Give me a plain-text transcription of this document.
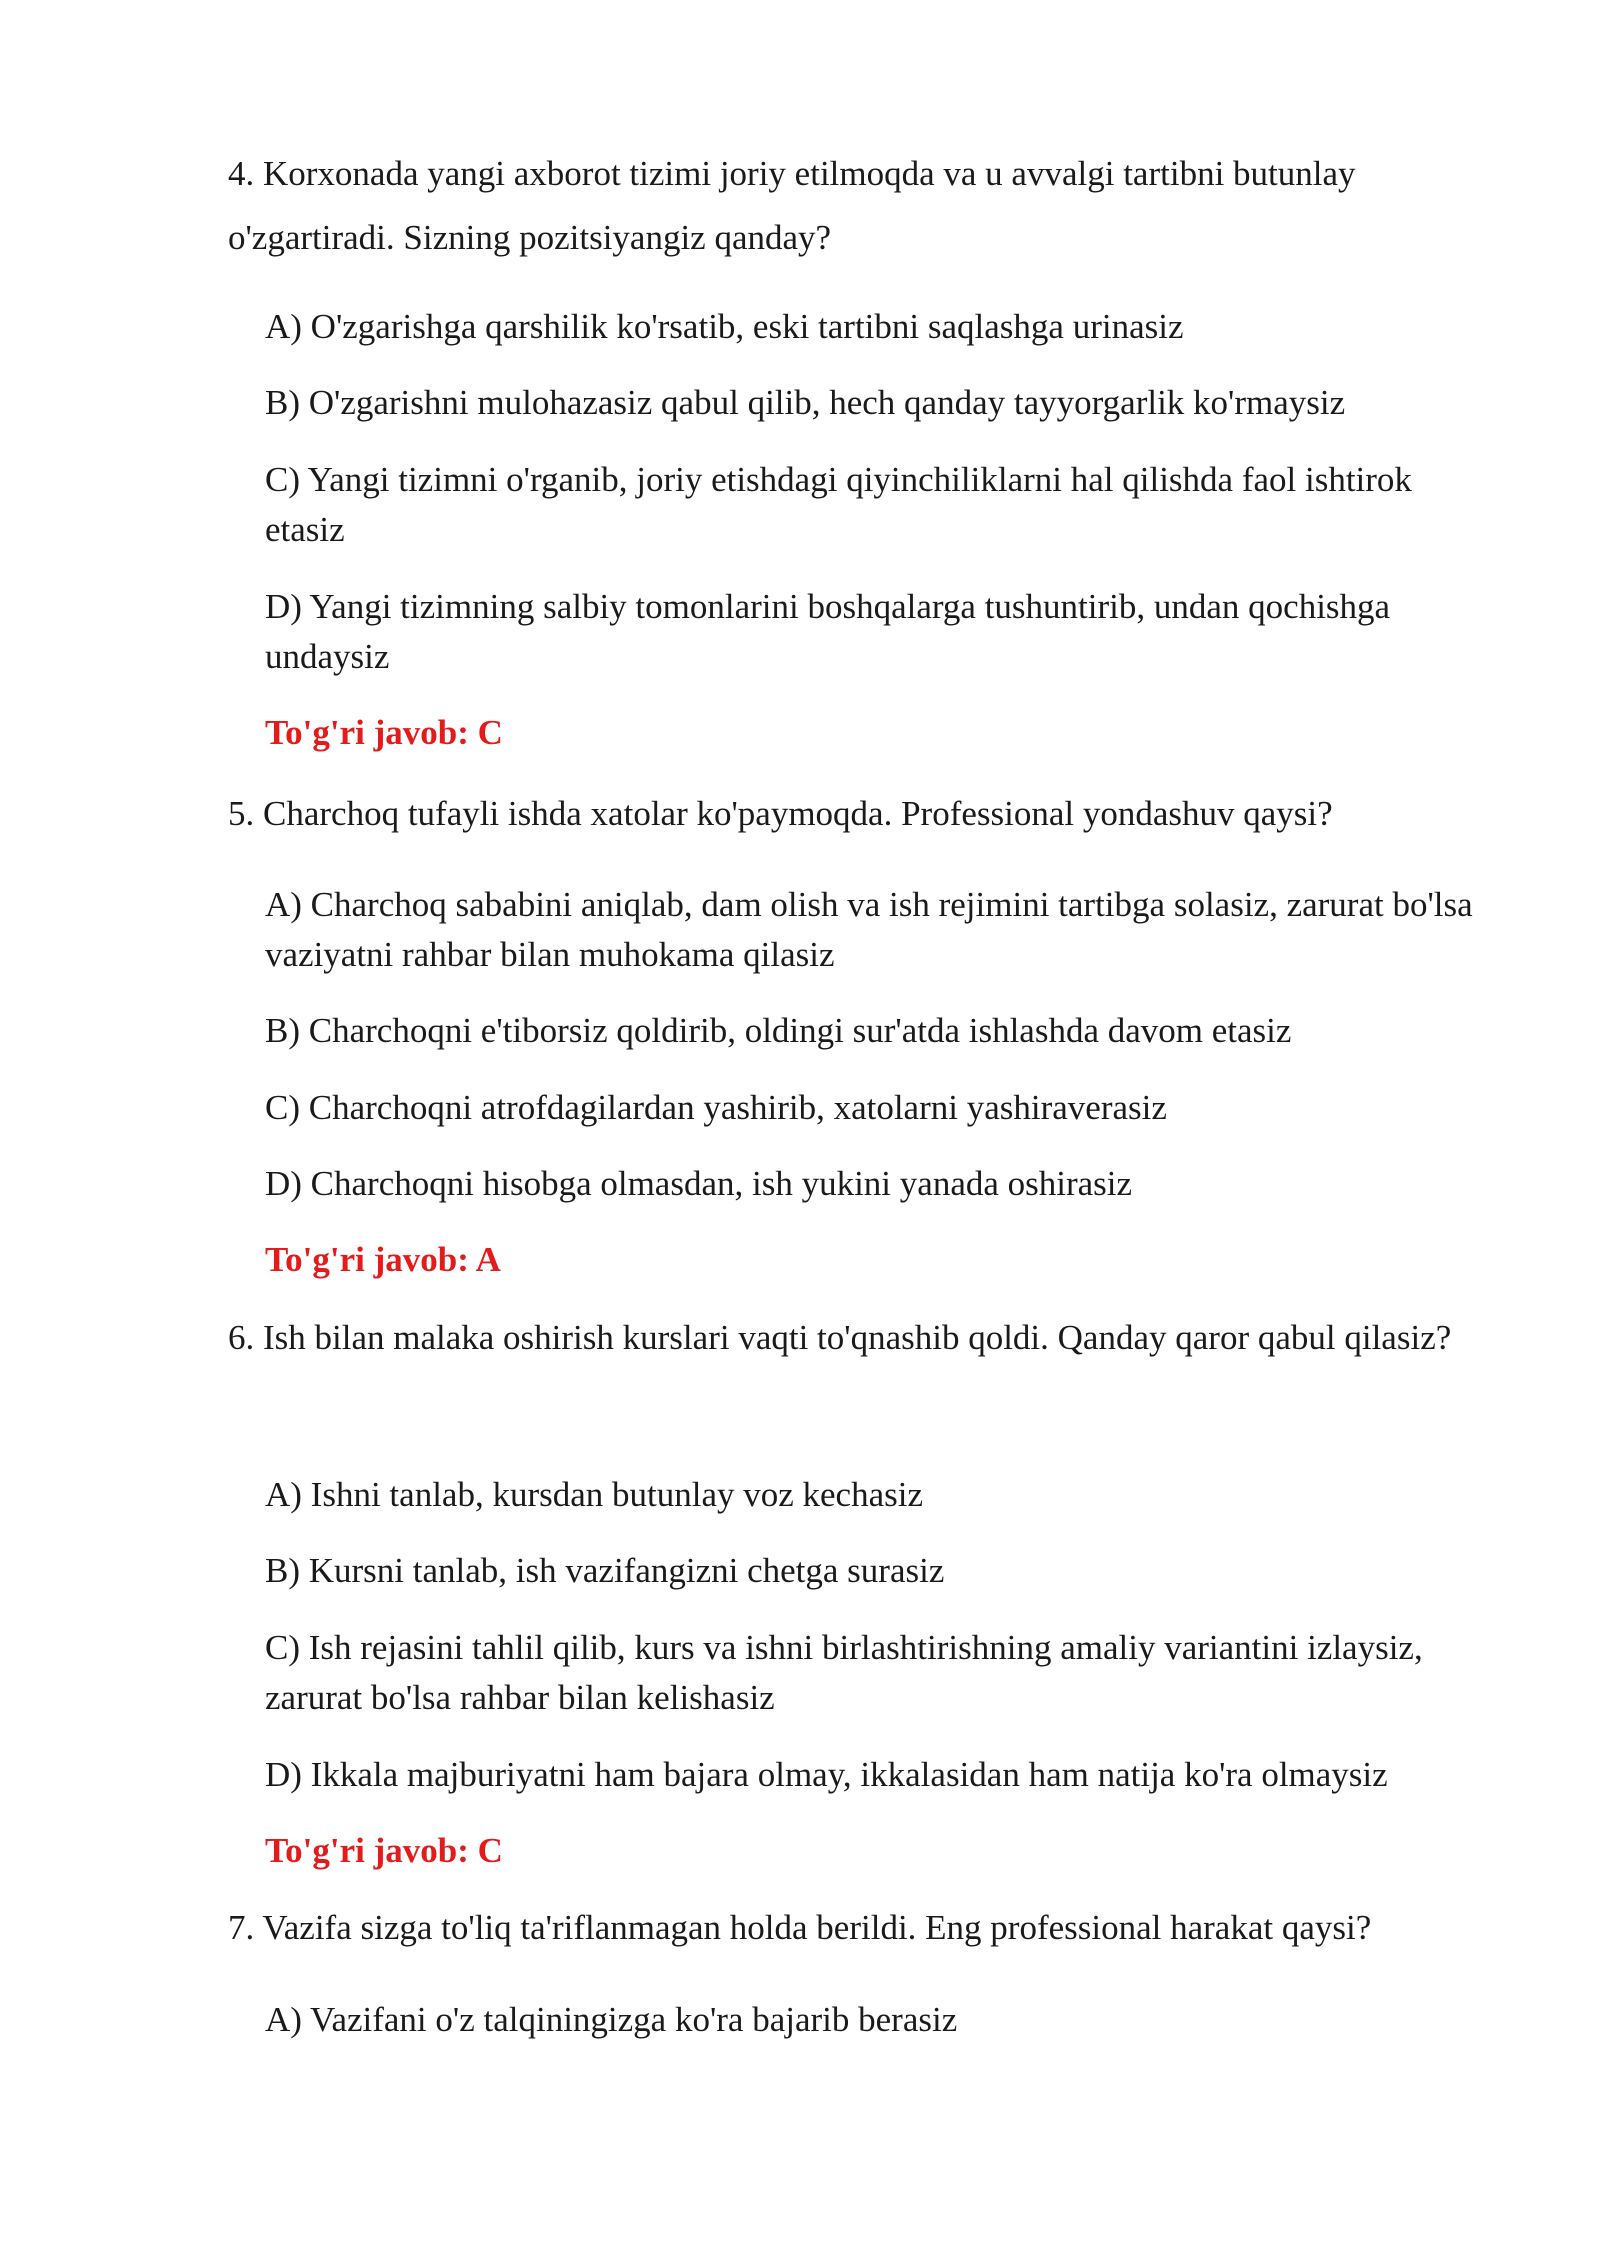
4. Korxonada yangi axborot tizimi joriy etilmoqda va u avvalgi tartibni butunlay o'zgartiradi. Sizning pozitsiyangiz qanday?

A) O'zgarishga qarshilik ko'rsatib, eski tartibni saqlashga urinasiz

B) O'zgarishni mulohazasiz qabul qilib, hech qanday tayyorgarlik ko'rmaysiz

C) Yangi tizimni o'rganib, joriy etishdagi qiyinchiliklarni hal qilishda faol ishtirok etasiz

D) Yangi tizimning salbiy tomonlarini boshqalarga tushuntirib, undan qochishga undaysiz

To'g'ri javob: C

5. Charchoq tufayli ishda xatolar ko'paymoqda. Professional yondashuv qaysi?

A) Charchoq sababini aniqlab, dam olish va ish rejimini tartibga solasiz, zarurat bo'lsa vaziyatni rahbar bilan muhokama qilasiz

B) Charchoqni e'tiborsiz qoldirib, oldingi sur'atda ishlashda davom etasiz

C) Charchoqni atrofdagilardan yashirib, xatolarni yashiraverasiz

D) Charchoqni hisobga olmasdan, ish yukini yanada oshirasiz

To'g'ri javob: A

6. Ish bilan malaka oshirish kurslari vaqti to'qnashib qoldi. Qanday qaror qabul qilasiz?

A) Ishni tanlab, kursdan butunlay voz kechasiz

B) Kursni tanlab, ish vazifangizni chetga surasiz

C) Ish rejasini tahlil qilib, kurs va ishni birlashtirishning amaliy variantini izlaysiz, zarurat bo'lsa rahbar bilan kelishasiz

D) Ikkala majburiyatni ham bajara olmay, ikkalasidan ham natija ko'ra olmaysiz

To'g'ri javob: C

7. Vazifa sizga to'liq ta'riflanmagan holda berildi. Eng professional harakat qaysi?

A) Vazifani o'z talqiningizga ko'ra bajarib berasiz
